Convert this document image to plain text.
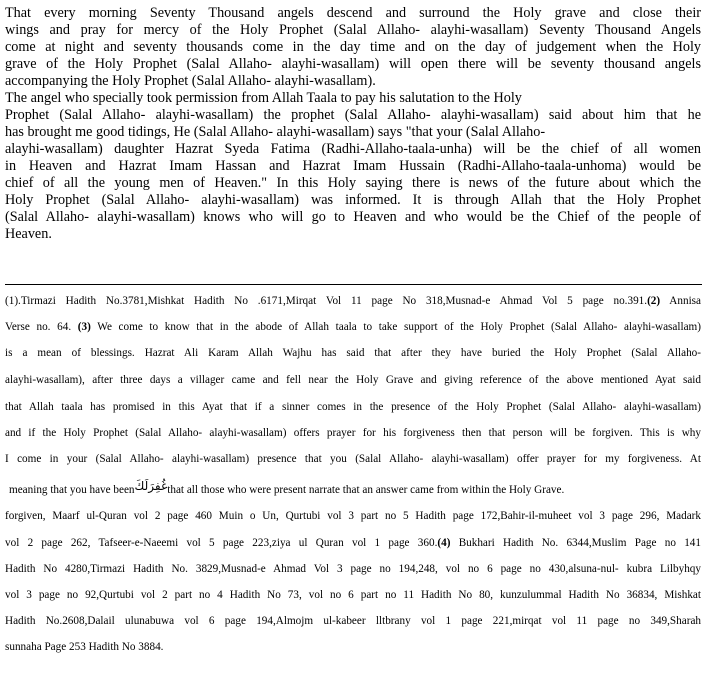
That every morning Seventy Thousand angels descend and surround the Holy grave and close their
wings and pray for mercy of the Holy Prophet (Salal Allaho- alayhi-wasallam) Seventy Thousand Angels
come at night and seventy thousands come in the day time and on the day of judgement when the Holy
grave of the Holy Prophet (Salal Allaho- alayhi-wasallam) will open there will be seventy thousand angels
accompanying the Holy Prophet (Salal Allaho- alayhi-wasallam).
The angel who specially took permission from Allah Taala to pay his salutation to the Holy
Prophet (Salal Allaho- alayhi-wasallam) the prophet (Salal Allaho- alayhi-wasallam) said about him that he
has brought me good tidings, He (Salal Allaho- alayhi-wasallam) says "that your (Salal Allaho-
alayhi-wasallam) daughter Hazrat Syeda Fatima (Radhi-Allaho-taala-unha) will be the chief of all women
in Heaven and Hazrat Imam Hassan and Hazrat Imam Hussain (Radhi-Allaho-taala-unhoma) would be
chief of all the young men of Heaven." In this Holy saying there is news of the future about which the
Holy Prophet (Salal Allaho- alayhi-wasallam) was informed. It is through Allah that the Holy Prophet
(Salal Allaho- alayhi-wasallam) knows who will go to Heaven and who would be the Chief of the people of
Heaven.
(1).Tirmazi Hadith No.3781,Mishkat Hadith No .6171,Mirqat Vol 11 page No 318,Musnad-e Ahmad Vol 5 page no.391.(2) Annisa
Verse no. 64. (3) We come to know that in the abode of Allah taala to take support of the Holy Prophet (Salal Allaho- alayhi-wasallam)
is a mean of blessings. Hazrat Ali Karam Allah Wajhu has said that after they have buried the Holy Prophet (Salal Allaho-
alayhi-wasallam), after three days a villager came and fell near the Holy Grave and giving reference of the above mentioned Ayat said
that Allah taala has promised in this Ayat that if a sinner comes in the presence of the Holy Prophet (Salal Allaho- alayhi-wasallam)
and if the Holy Prophet (Salal Allaho- alayhi-wasallam) offers prayer for his forgiveness then that person will be forgiven. This is why
I come in your (Salal Allaho- alayhi-wasallam) presence that you (Salal Allaho- alayhi-wasallam) offer prayer for my forgiveness. At
meaning that you have beenغُفِرَلَكَthat all those who were present narrate that an answer came from within the Holy Grave.
forgiven, Maarf ul-Quran vol 2 page 460 Muin o Un, Qurtubi vol 3 part no 5 Hadith page 172,Bahir-il-muheet vol 3 page 296, Madark
vol 2 page 262, Tafseer-e-Naeemi vol 5 page 223,ziya ul Quran vol 1 page 360.(4) Bukhari Hadith No. 6344,Muslim Page no 141
Hadith No 4280,Tirmazi Hadith No. 3829,Musnad-e Ahmad Vol 3 page no 194,248, vol no 6 page no 430,alsuna-nul- kubra Lilbyhqy
vol 3 page no 92,Qurtubi vol 2 part no 4 Hadith No 73, vol no 6 part no 11 Hadith No 80, kunzulummal Hadith No 36834, Mishkat
Hadith No.2608,Dalail ulunabuwa vol 6 page 194,Almojm ul-kabeer lltbrany vol 1 page 221,mirqat vol 11 page no 349,Sharah
sunnaha Page 253 Hadith No 3884.
